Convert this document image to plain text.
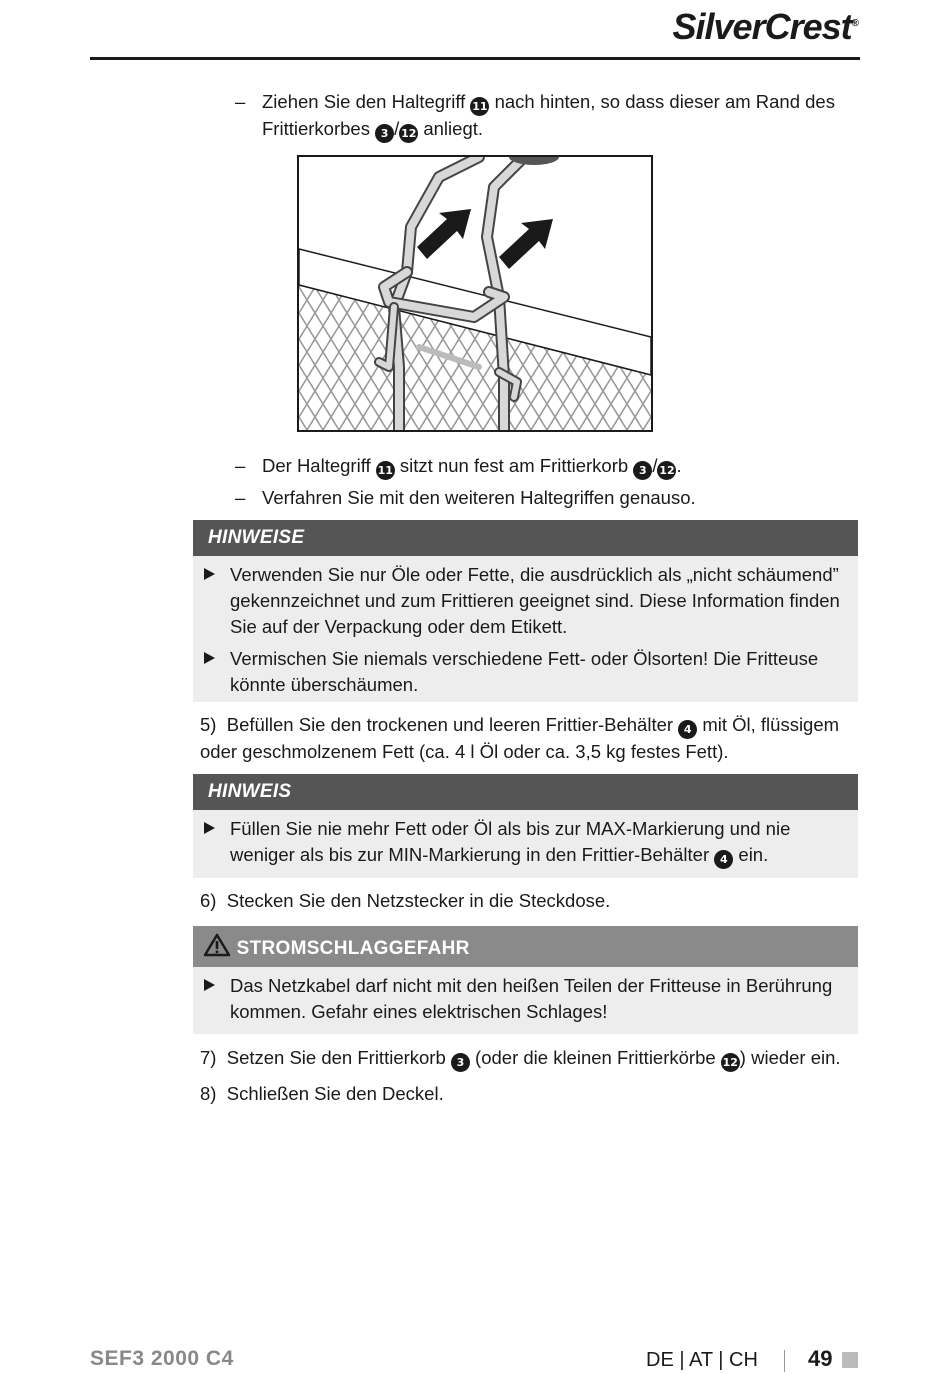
SilverCrest®
– Ziehen Sie den Haltegriff 11 nach hinten, so dass dieser am Rand des Frittierkorbes 3 / 12 anliegt.
– Der Haltegriff 11 sitzt nun fest am Frittierkorb 3 / 12.
– Verfahren Sie mit den weiteren Haltegriffen genauso.
HINWEISE
Verwenden Sie nur Öle oder Fette, die ausdrücklich als „nicht schäumend” gekennzeichnet und zum Frittieren geeignet sind. Diese Information finden Sie auf der Verpackung oder dem Etikett.
Vermischen Sie niemals verschiedene Fett- oder Ölsorten! Die Fritteuse könnte überschäumen.
5) Befüllen Sie den trockenen und leeren Frittier-Behälter 4 mit Öl, flüssigem oder geschmolzenem Fett (ca. 4 l Öl oder ca. 3,5 kg festes Fett).
HINWEIS
Füllen Sie nie mehr Fett oder Öl als bis zur MAX-Markierung und nie weniger als bis zur MIN-Markierung in den Frittier-Behälter 4 ein.
6) Stecken Sie den Netzstecker in die Steckdose.
STROMSCHLAGGEFAHR
Das Netzkabel darf nicht mit den heißen Teilen der Fritteuse in Berührung kommen. Gefahr eines elektrischen Schlages!
7) Setzen Sie den Frittierkorb 3 (oder die kleinen Frittierkörbe 12) wieder ein.
8) Schließen Sie den Deckel.
SEF3 2000 C4	DE | AT | CH 49
